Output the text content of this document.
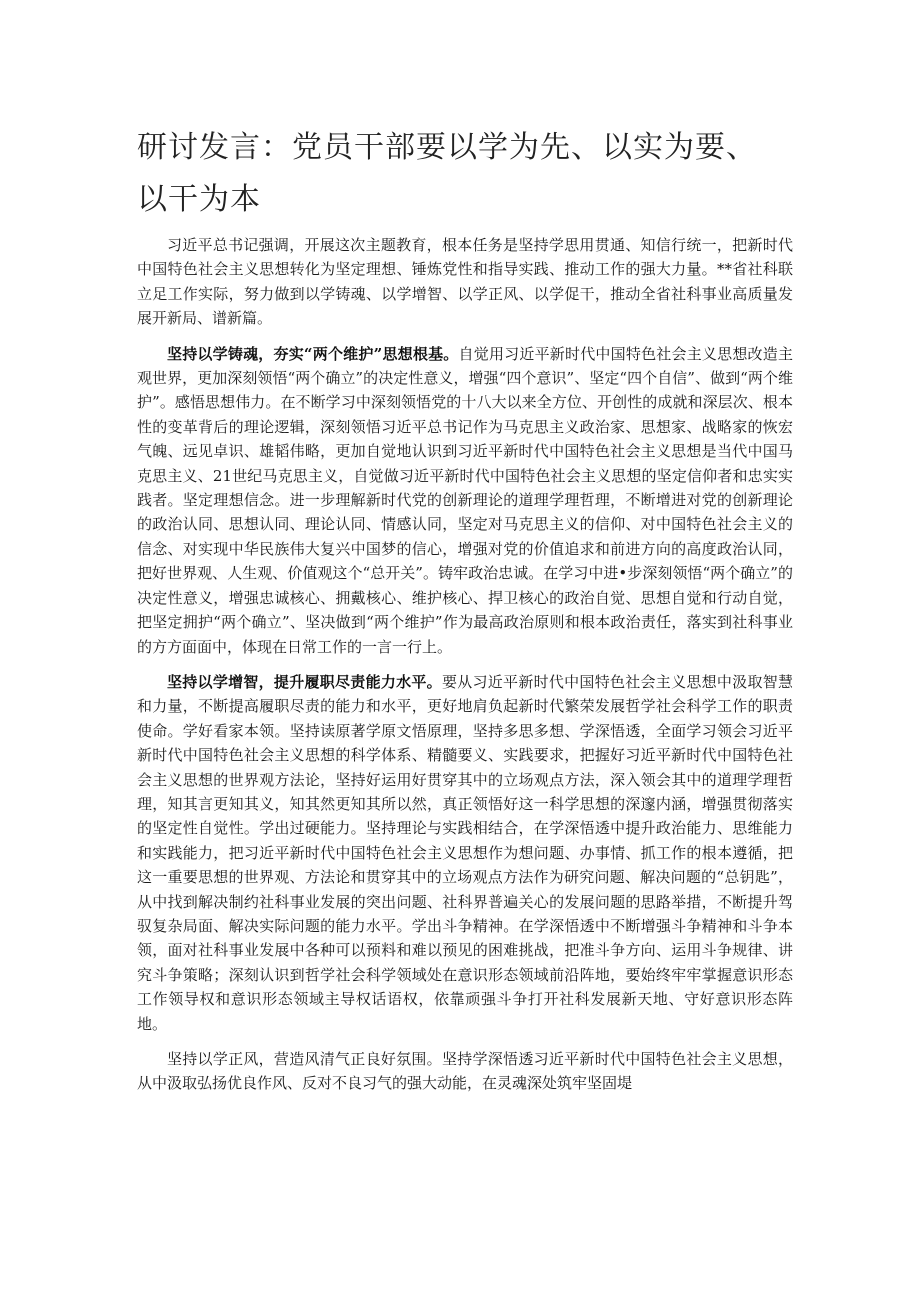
研讨发言：党员干部要以学为先、以实为要、以干为本

习近平总书记强调，开展这次主题教育，根本任务是坚持学思用贯通、知信行统一，把新时代中国特色社会主义思想转化为坚定理想、锤炼党性和指导实践、推动工作的强大力量。**省社科联立足工作实际，努力做到以学铸魂、以学增智、以学正风、以学促干，推动全省社科事业高质量发展开新局、谱新篇。

坚持以学铸魂，夯实“两个维护”思想根基。自觉用习近平新时代中国特色社会主义思想改造主观世界，更加深刻领悟“两个确立”的决定性意义，增强“四个意识”、坚定“四个自信”、做到“两个维护”。感悟思想伟力。在不断学习中深刻领悟党的十八大以来全方位、开创性的成就和深层次、根本性的变革背后的理论逻辑，深刻领悟习近平总书记作为马克思主义政治家、思想家、战略家的恢宏气魄、远见卓识、雄韬伟略，更加自觉地认识到习近平新时代中国特色社会主义思想是当代中国马克思主义、21世纪马克思主义，自觉做习近平新时代中国特色社会主义思想的坚定信仰者和忠实实践者。坚定理想信念。进一步理解新时代党的创新理论的道理学理哲理，不断增进对党的创新理论的政治认同、思想认同、理论认同、情感认同，坚定对马克思主义的信仰、对中国特色社会主义的信念、对实现中华民族伟大复兴中国梦的信心，增强对党的价值追求和前进方向的高度政治认同，把好世界观、人生观、价值观这个“总开关”。铸牢政治忠诚。在学习中进•步深刻领悟“两个确立”的决定性意义，增强忠诚核心、拥戴核心、维护核心、捍卫核心的政治自觉、思想自觉和行动自觉，把坚定拥护“两个确立”、坚决做到“两个维护”作为最高政治原则和根本政治责任，落实到社科事业的方方面面中，体现在日常工作的一言一行上。

坚持以学增智，提升履职尽责能力水平。要从习近平新时代中国特色社会主义思想中汲取智慧和力量，不断提高履职尽责的能力和水平，更好地肩负起新时代繁荣发展哲学社会科学工作的职责使命。学好看家本领。坚持读原著学原文悟原理，坚持多思多想、学深悟透，全面学习领会习近平新时代中国特色社会主义思想的科学体系、精髓要义、实践要求，把握好习近平新时代中国特色社会主义思想的世界观方法论，坚持好运用好贯穿其中的立场观点方法，深入领会其中的道理学理哲理，知其言更知其义，知其然更知其所以然，真正领悟好这一科学思想的深邃内涵，增强贯彻落实的坚定性自觉性。学出过硬能力。坚持理论与实践相结合，在学深悟透中提升政治能力、思维能力和实践能力，把习近平新时代中国特色社会主义思想作为想问题、办事情、抓工作的根本遵循，把这一重要思想的世界观、方法论和贯穿其中的立场观点方法作为研究问题、解决问题的“总钥匙”，从中找到解决制约社科事业发展的突出问题、社科界普遍关心的发展问题的思路举措，不断提升驾驭复杂局面、解决实际问题的能力水平。学出斗争精神。在学深悟透中不断增强斗争精神和斗争本领，面对社科事业发展中各种可以预料和难以预见的困难挑战，把准斗争方向、运用斗争规律、讲究斗争策略；深刻认识到哲学社会科学领域处在意识形态领域前沿阵地，要始终牢牢掌握意识形态工作领导权和意识形态领域主导权话语权，依靠顽强斗争打开社科发展新天地、守好意识形态阵地。

坚持以学正风，营造风清气正良好氛围。坚持学深悟透习近平新时代中国特色社会主义思想，从中汲取弘扬优良作风、反对不良习气的强大动能，在灵魂深处筑牢坚固堤
